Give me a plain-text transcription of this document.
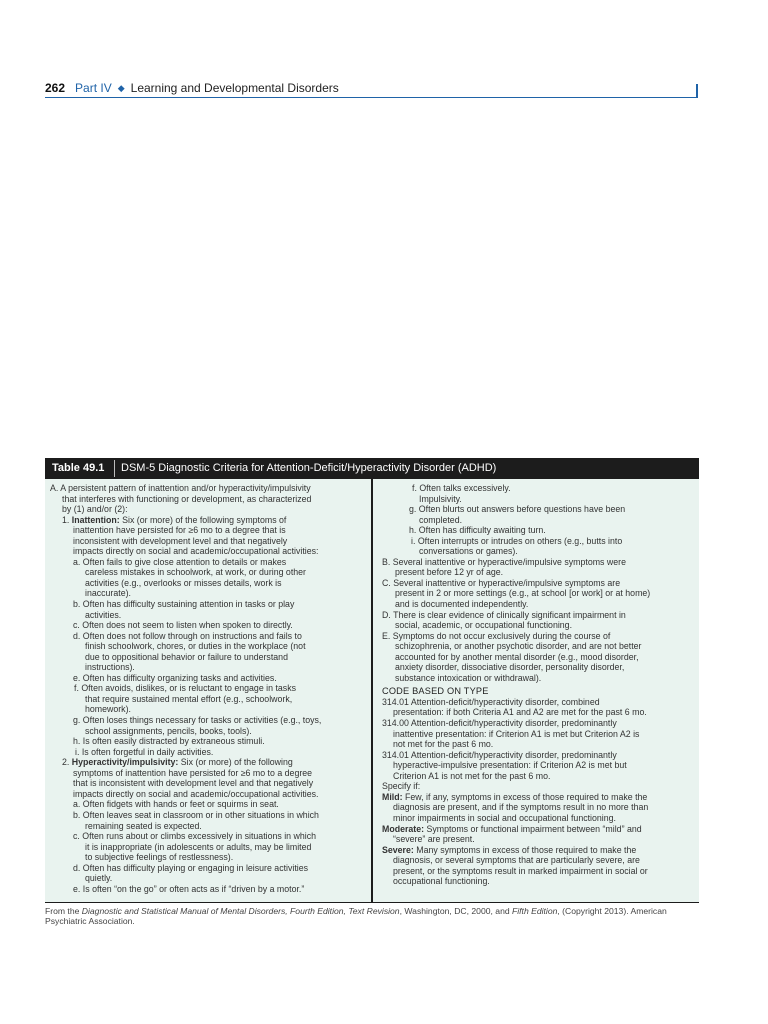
262 Part IV ◆ Learning and Developmental Disorders
Table 49.1 DSM-5 Diagnostic Criteria for Attention-Deficit/Hyperactivity Disorder (ADHD)
A. A persistent pattern of inattention and/or hyperactivity/impulsivity
that interferes with functioning or development, as characterized
by (1) and/or (2):
1. Inattention: Six (or more) of the following symptoms of
inattention have persisted for ≥6 mo to a degree that is
inconsistent with development level and that negatively
impacts directly on social and academic/occupational activities:
a. Often fails to give close attention to details or makes
careless mistakes in schoolwork, at work, or during other
activities (e.g., overlooks or misses details, work is
inaccurate).
b. Often has difficulty sustaining attention in tasks or play
activities.
c. Often does not seem to listen when spoken to directly.
d. Often does not follow through on instructions and fails to
finish schoolwork, chores, or duties in the workplace (not
due to oppositional behavior or failure to understand
instructions).
e. Often has difficulty organizing tasks and activities.
f. Often avoids, dislikes, or is reluctant to engage in tasks
that require sustained mental effort (e.g., schoolwork,
homework).
g. Often loses things necessary for tasks or activities (e.g., toys,
school assignments, pencils, books, tools).
h. Is often easily distracted by extraneous stimuli.
i. Is often forgetful in daily activities.
2. Hyperactivity/impulsivity: Six (or more) of the following
symptoms of inattention have persisted for ≥6 mo to a degree
that is inconsistent with development level and that negatively
impacts directly on social and academic/occupational activities.
a. Often fidgets with hands or feet or squirms in seat.
b. Often leaves seat in classroom or in other situations in which
remaining seated is expected.
c. Often runs about or climbs excessively in situations in which
it is inappropriate (in adolescents or adults, may be limited
to subjective feelings of restlessness).
d. Often has difficulty playing or engaging in leisure activities
quietly.
e. Is often “on the go” or often acts as if “driven by a motor.”
f. Often talks excessively.
Impulsivity.
g. Often blurts out answers before questions have been
completed.
h. Often has difficulty awaiting turn.
i. Often interrupts or intrudes on others (e.g., butts into
conversations or games).
B. Several inattentive or hyperactive/impulsive symptoms were
present before 12 yr of age.
C. Several inattentive or hyperactive/impulsive symptoms are
present in 2 or more settings (e.g., at school [or work] or at home)
and is documented independently.
D. There is clear evidence of clinically significant impairment in
social, academic, or occupational functioning.
E. Symptoms do not occur exclusively during the course of
schizophrenia, or another psychotic disorder, and are not better
accounted for by another mental disorder (e.g., mood disorder,
anxiety disorder, dissociative disorder, personality disorder,
substance intoxication or withdrawal).
CODE BASED ON TYPE
314.01 Attention-deficit/hyperactivity disorder, combined
presentation: if both Criteria A1 and A2 are met for the past 6 mo.
314.00 Attention-deficit/hyperactivity disorder, predominantly
inattentive presentation: if Criterion A1 is met but Criterion A2 is
not met for the past 6 mo.
314.01 Attention-deficit/hyperactivity disorder, predominantly
hyperactive-impulsive presentation: if Criterion A2 is met but
Criterion A1 is not met for the past 6 mo.
Specify if:
Mild: Few, if any, symptoms in excess of those required to make the
diagnosis are present, and if the symptoms result in no more than
minor impairments in social and occupational functioning.
Moderate: Symptoms or functional impairment between “mild” and
“severe” are present.
Severe: Many symptoms in excess of those required to make the
diagnosis, or several symptoms that are particularly severe, are
present, or the symptoms result in marked impairment in social or
occupational functioning.
From the Diagnostic and Statistical Manual of Mental Disorders, Fourth Edition, Text Revision, Washington, DC, 2000, and Fifth Edition, (Copyright 2013). American
Psychiatric Association.
